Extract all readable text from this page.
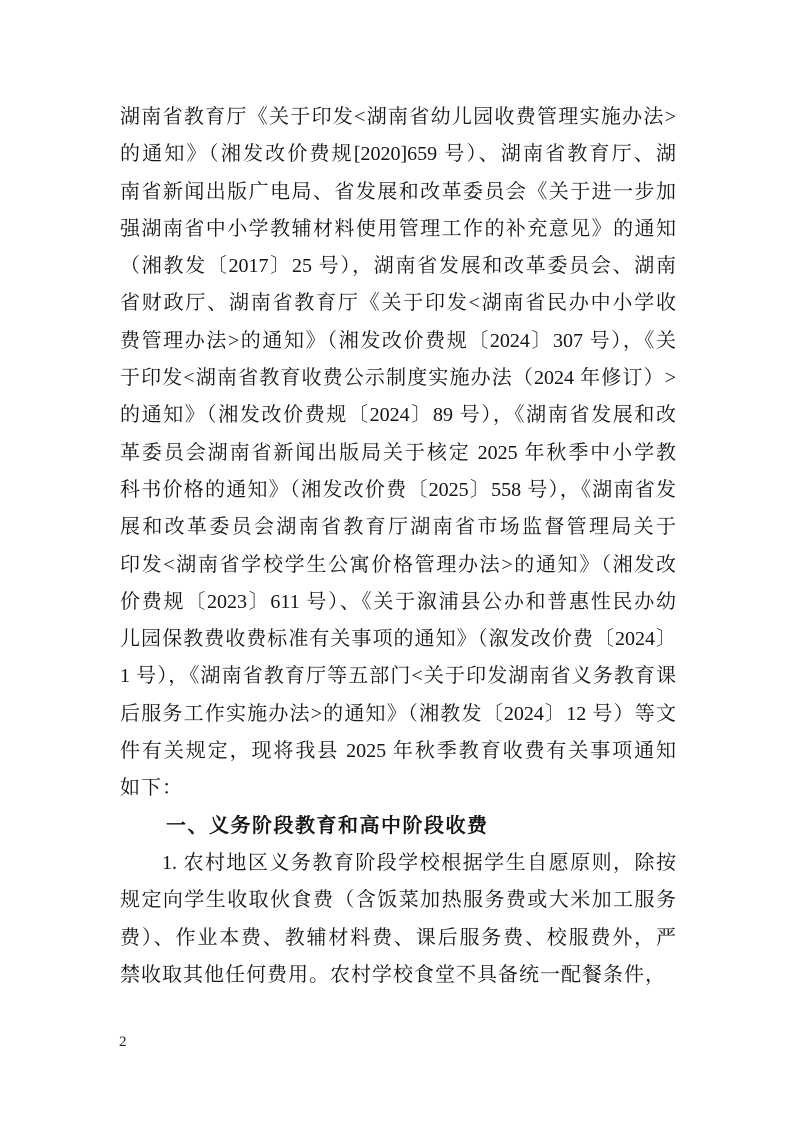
湖南省教育厅《关于印发<湖南省幼儿园收费管理实施办法>
的通知》（湘发改价费规[2020]659 号）、湖南省教育厅、湖
南省新闻出版广电局、省发展和改革委员会《关于进一步加
强湖南省中小学教辅材料使用管理工作的补充意见》的通知
（湘教发〔2017〕25 号），湖南省发展和改革委员会、湖南
省财政厅、湖南省教育厅《关于印发<湖南省民办中小学收
费管理办法>的通知》（湘发改价费规〔2024〕307 号），《关
于印发<湖南省教育收费公示制度实施办法（2024 年修订）>
的通知》（湘发改价费规〔2024〕89 号），《湖南省发展和改
革委员会湖南省新闻出版局关于核定 2025 年秋季中小学教
科书价格的通知》（湘发改价费〔2025〕558 号），《湖南省发
展和改革委员会湖南省教育厅湖南省市场监督管理局关于
印发<湖南省学校学生公寓价格管理办法>的通知》（湘发改
价费规〔2023〕611 号）、《关于溆浦县公办和普惠性民办幼
儿园保教费收费标准有关事项的通知》（溆发改价费〔2024〕
1 号），《湖南省教育厅等五部门<关于印发湖南省义务教育课
后服务工作实施办法>的通知》（湘教发〔2024〕12 号）等文
件有关规定，现将我县 2025 年秋季教育收费有关事项通知
如下：
一、义务阶段教育和高中阶段收费
1. 农村地区义务教育阶段学校根据学生自愿原则，除按
规定向学生收取伙食费（含饭菜加热服务费或大米加工服务
费）、作业本费、教辅材料费、课后服务费、校服费外，严
禁收取其他任何费用。农村学校食堂不具备统一配餐条件，
2
